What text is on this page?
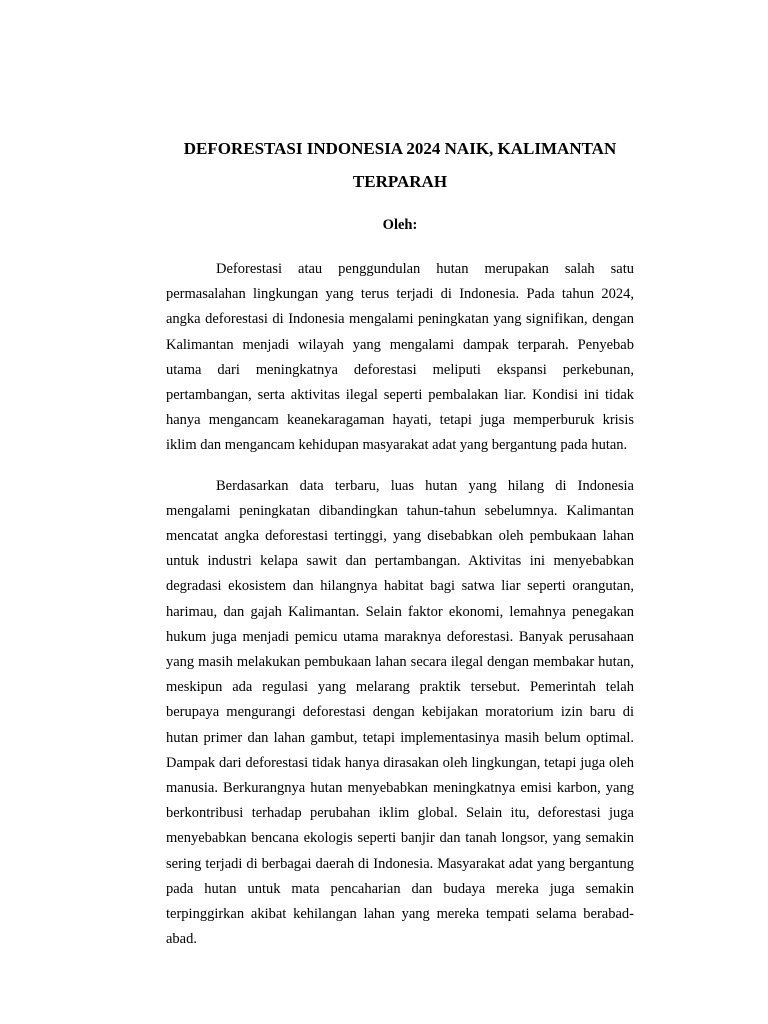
DEFORESTASI INDONESIA 2024 NAIK, KALIMANTAN TERPARAH

Oleh:

Deforestasi atau penggundulan hutan merupakan salah satu permasalahan lingkungan yang terus terjadi di Indonesia. Pada tahun 2024, angka deforestasi di Indonesia mengalami peningkatan yang signifikan, dengan Kalimantan menjadi wilayah yang mengalami dampak terparah. Penyebab utama dari meningkatnya deforestasi meliputi ekspansi perkebunan, pertambangan, serta aktivitas ilegal seperti pembalakan liar. Kondisi ini tidak hanya mengancam keanekaragaman hayati, tetapi juga memperburuk krisis iklim dan mengancam kehidupan masyarakat adat yang bergantung pada hutan.

Berdasarkan data terbaru, luas hutan yang hilang di Indonesia mengalami peningkatan dibandingkan tahun-tahun sebelumnya. Kalimantan mencatat angka deforestasi tertinggi, yang disebabkan oleh pembukaan lahan untuk industri kelapa sawit dan pertambangan. Aktivitas ini menyebabkan degradasi ekosistem dan hilangnya habitat bagi satwa liar seperti orangutan, harimau, dan gajah Kalimantan. Selain faktor ekonomi, lemahnya penegakan hukum juga menjadi pemicu utama maraknya deforestasi. Banyak perusahaan yang masih melakukan pembukaan lahan secara ilegal dengan membakar hutan, meskipun ada regulasi yang melarang praktik tersebut. Pemerintah telah berupaya mengurangi deforestasi dengan kebijakan moratorium izin baru di hutan primer dan lahan gambut, tetapi implementasinya masih belum optimal. Dampak dari deforestasi tidak hanya dirasakan oleh lingkungan, tetapi juga oleh manusia. Berkurangnya hutan menyebabkan meningkatnya emisi karbon, yang berkontribusi terhadap perubahan iklim global. Selain itu, deforestasi juga menyebabkan bencana ekologis seperti banjir dan tanah longsor, yang semakin sering terjadi di berbagai daerah di Indonesia. Masyarakat adat yang bergantung pada hutan untuk mata pencaharian dan budaya mereka juga semakin terpinggirkan akibat kehilangan lahan yang mereka tempati selama berabad-abad.
